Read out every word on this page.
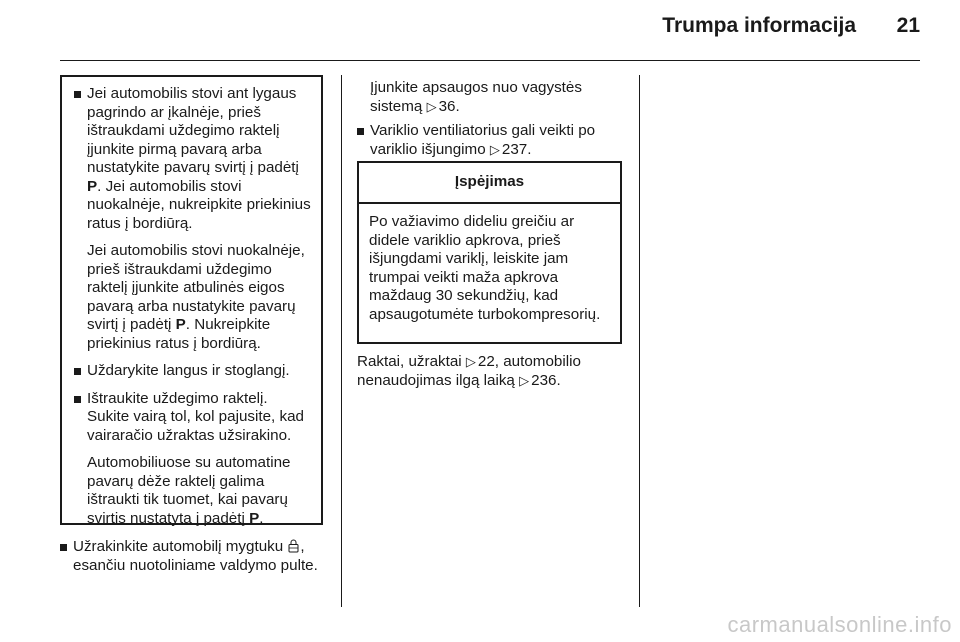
Trumpa informacija 21
Jei automobilis stovi ant lygaus pagrindo ar įkalnėje, prieš ištraukdami uždegimo raktelį įjunkite pirmą pavarą arba nustatykite pavarų svirtį į padėtį P. Jei automobilis stovi nuokalnėje, nukreipkite priekinius ratus į bordiūrą.
Jei automobilis stovi nuokalnėje, prieš ištraukdami uždegimo raktelį įjunkite atbulinės eigos pavarą arba nustatykite pavarų svirtį į padėtį P. Nukreipkite priekinius ratus į bordiūrą.
Uždarykite langus ir stoglangį.
Ištraukite uždegimo raktelį. Sukite vairą tol, kol pajusite, kad vairaračio užraktas užsirakino.
Automobiliuose su automatine pavarų dėže raktelį galima ištraukti tik tuomet, kai pavarų svirtis nustatyta į padėtį P.
Užrakinkite automobilį mygtuku , esančiu nuotoliniame valdymo pulte.
Įjunkite apsaugos nuo vagystės sistemą ▷ 36.
Variklio ventiliatorius gali veikti po variklio išjungimo ▷ 237.
Įspėjimas
Po važiavimo dideliu greičiu ar didele variklio apkrova, prieš išjungdami variklį, leiskite jam trumpai veikti maža apkrova maždaug 30 sekundžių, kad apsaugotumėte turbokompresorių.
Raktai, užraktai ▷ 22, automobilio nenaudojimas ilgą laiką ▷ 236.
carmanualsonline.info
